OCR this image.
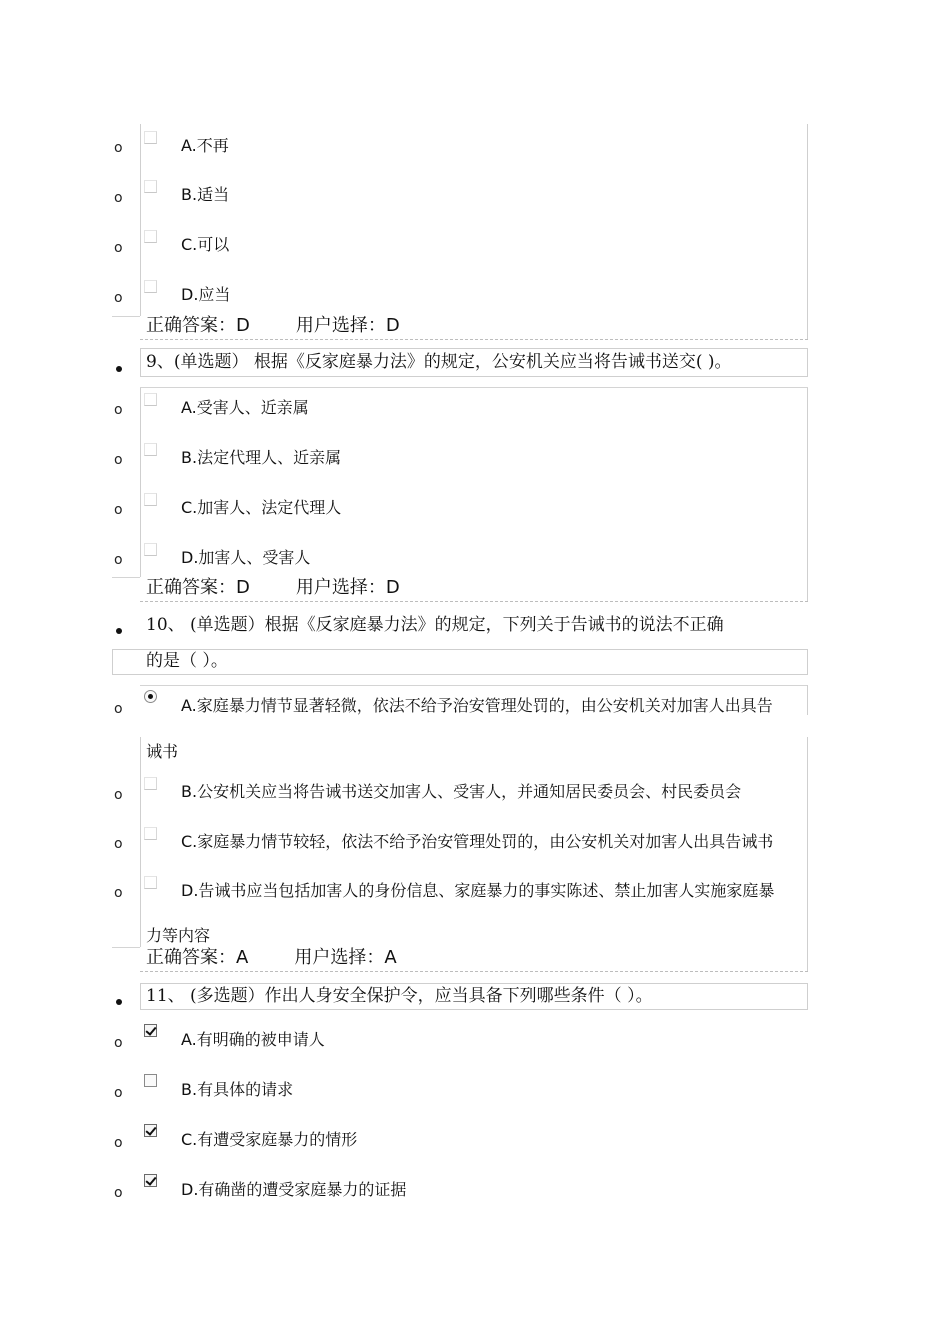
o	A.不再
o	B.适当
o	C.可以
o	D.应当
正确答案：D	用户选择：D
9、(单选题） 根据《反家庭暴力法》的规定，公安机关应当将告诫书送交( )。
o	A.受害人、近亲属
o	B.法定代理人、近亲属
o	C.加害人、法定代理人
o	D.加害人、受害人
正确答案：D	用户选择：D
10、 (单选题）根据《反家庭暴力法》的规定，下列关于告诫书的说法不正确
的是（ ）。
o	A.家庭暴力情节显著轻微，依法不给予治安管理处罚的，由公安机关对加害人出具告
诫书
o	B.公安机关应当将告诫书送交加害人、受害人，并通知居民委员会、村民委员会
o	C.家庭暴力情节较轻，依法不给予治安管理处罚的，由公安机关对加害人出具告诫书
o	D.告诫书应当包括加害人的身份信息、家庭暴力的事实陈述、禁止加害人实施家庭暴
力等内容
正确答案：A	用户选择：A
11、 (多选题）作出人身安全保护令，应当具备下列哪些条件（ ）。
o	A.有明确的被申请人
o	B.有具体的请求
o	C.有遭受家庭暴力的情形
o	D.有确凿的遭受家庭暴力的证据
